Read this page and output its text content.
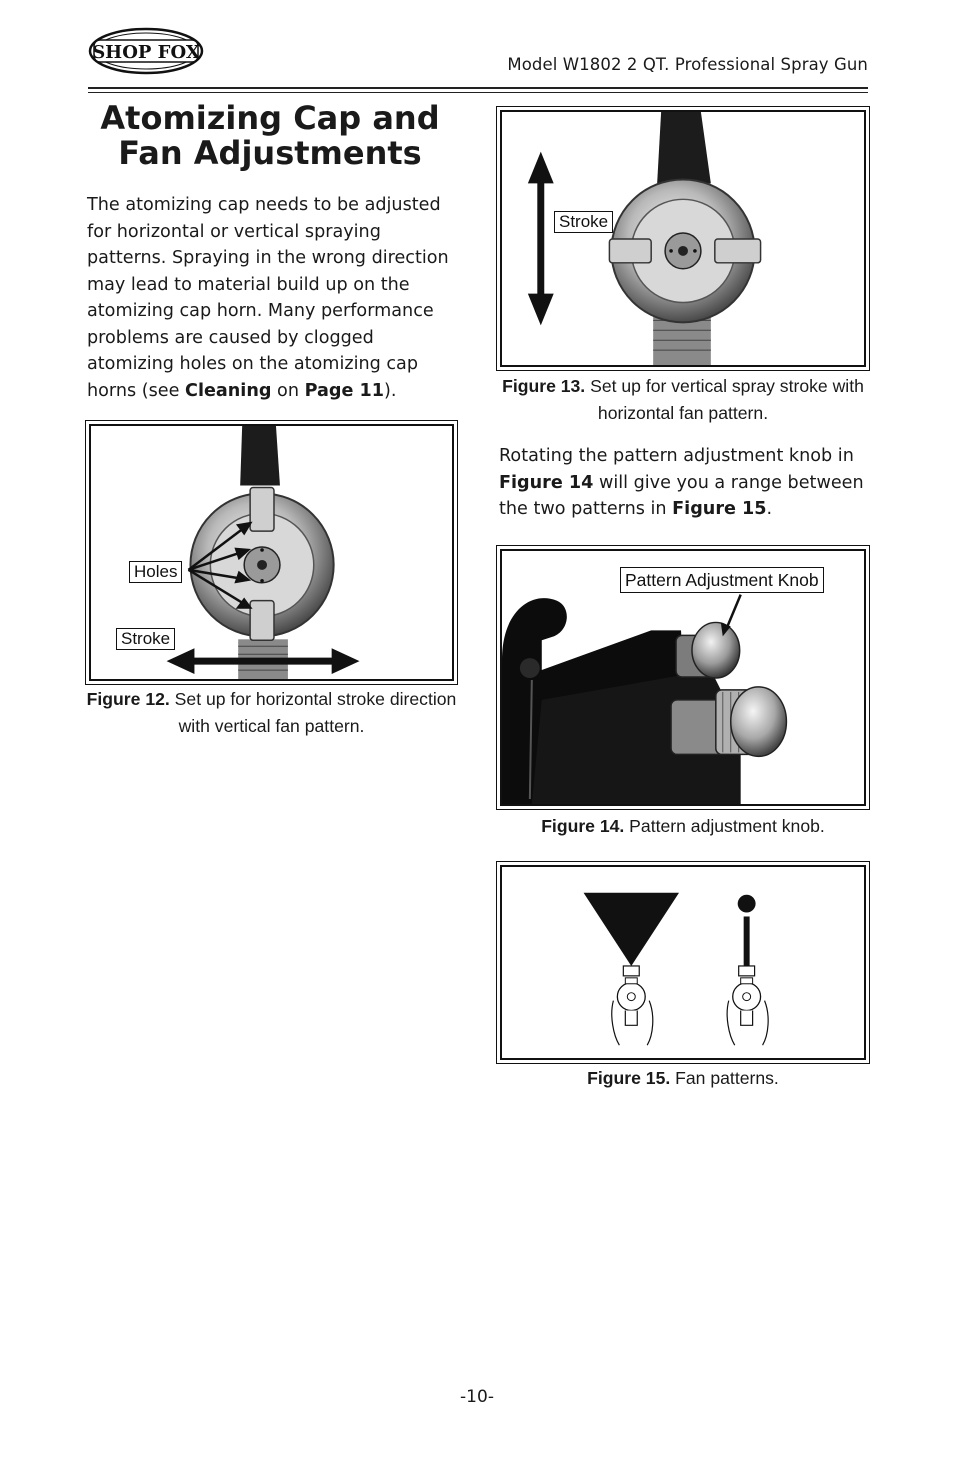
SHOP FOX
Model W1802 2 QT. Professional Spray Gun
Atomizing Cap and Fan Adjustments
The atomizing cap needs to be adjusted for horizontal or vertical spraying patterns. Spraying in the wrong direction may lead to material build up on the atomizing cap horn. Many performance problems are caused by clogged atomizing holes on the atomizing cap horns (see Cleaning on Page 11).
Holes
Stroke
Figure 12. Set up for horizontal stroke direction with vertical fan pattern.
Stroke
Figure 13. Set up for vertical spray stroke with horizontal fan pattern.
Rotating the pattern adjustment knob in Figure 14 will give you a range between the two patterns in Figure 15.
Pattern Adjustment Knob
Figure 14. Pattern adjustment knob.
Figure 15. Fan patterns.
-10-
